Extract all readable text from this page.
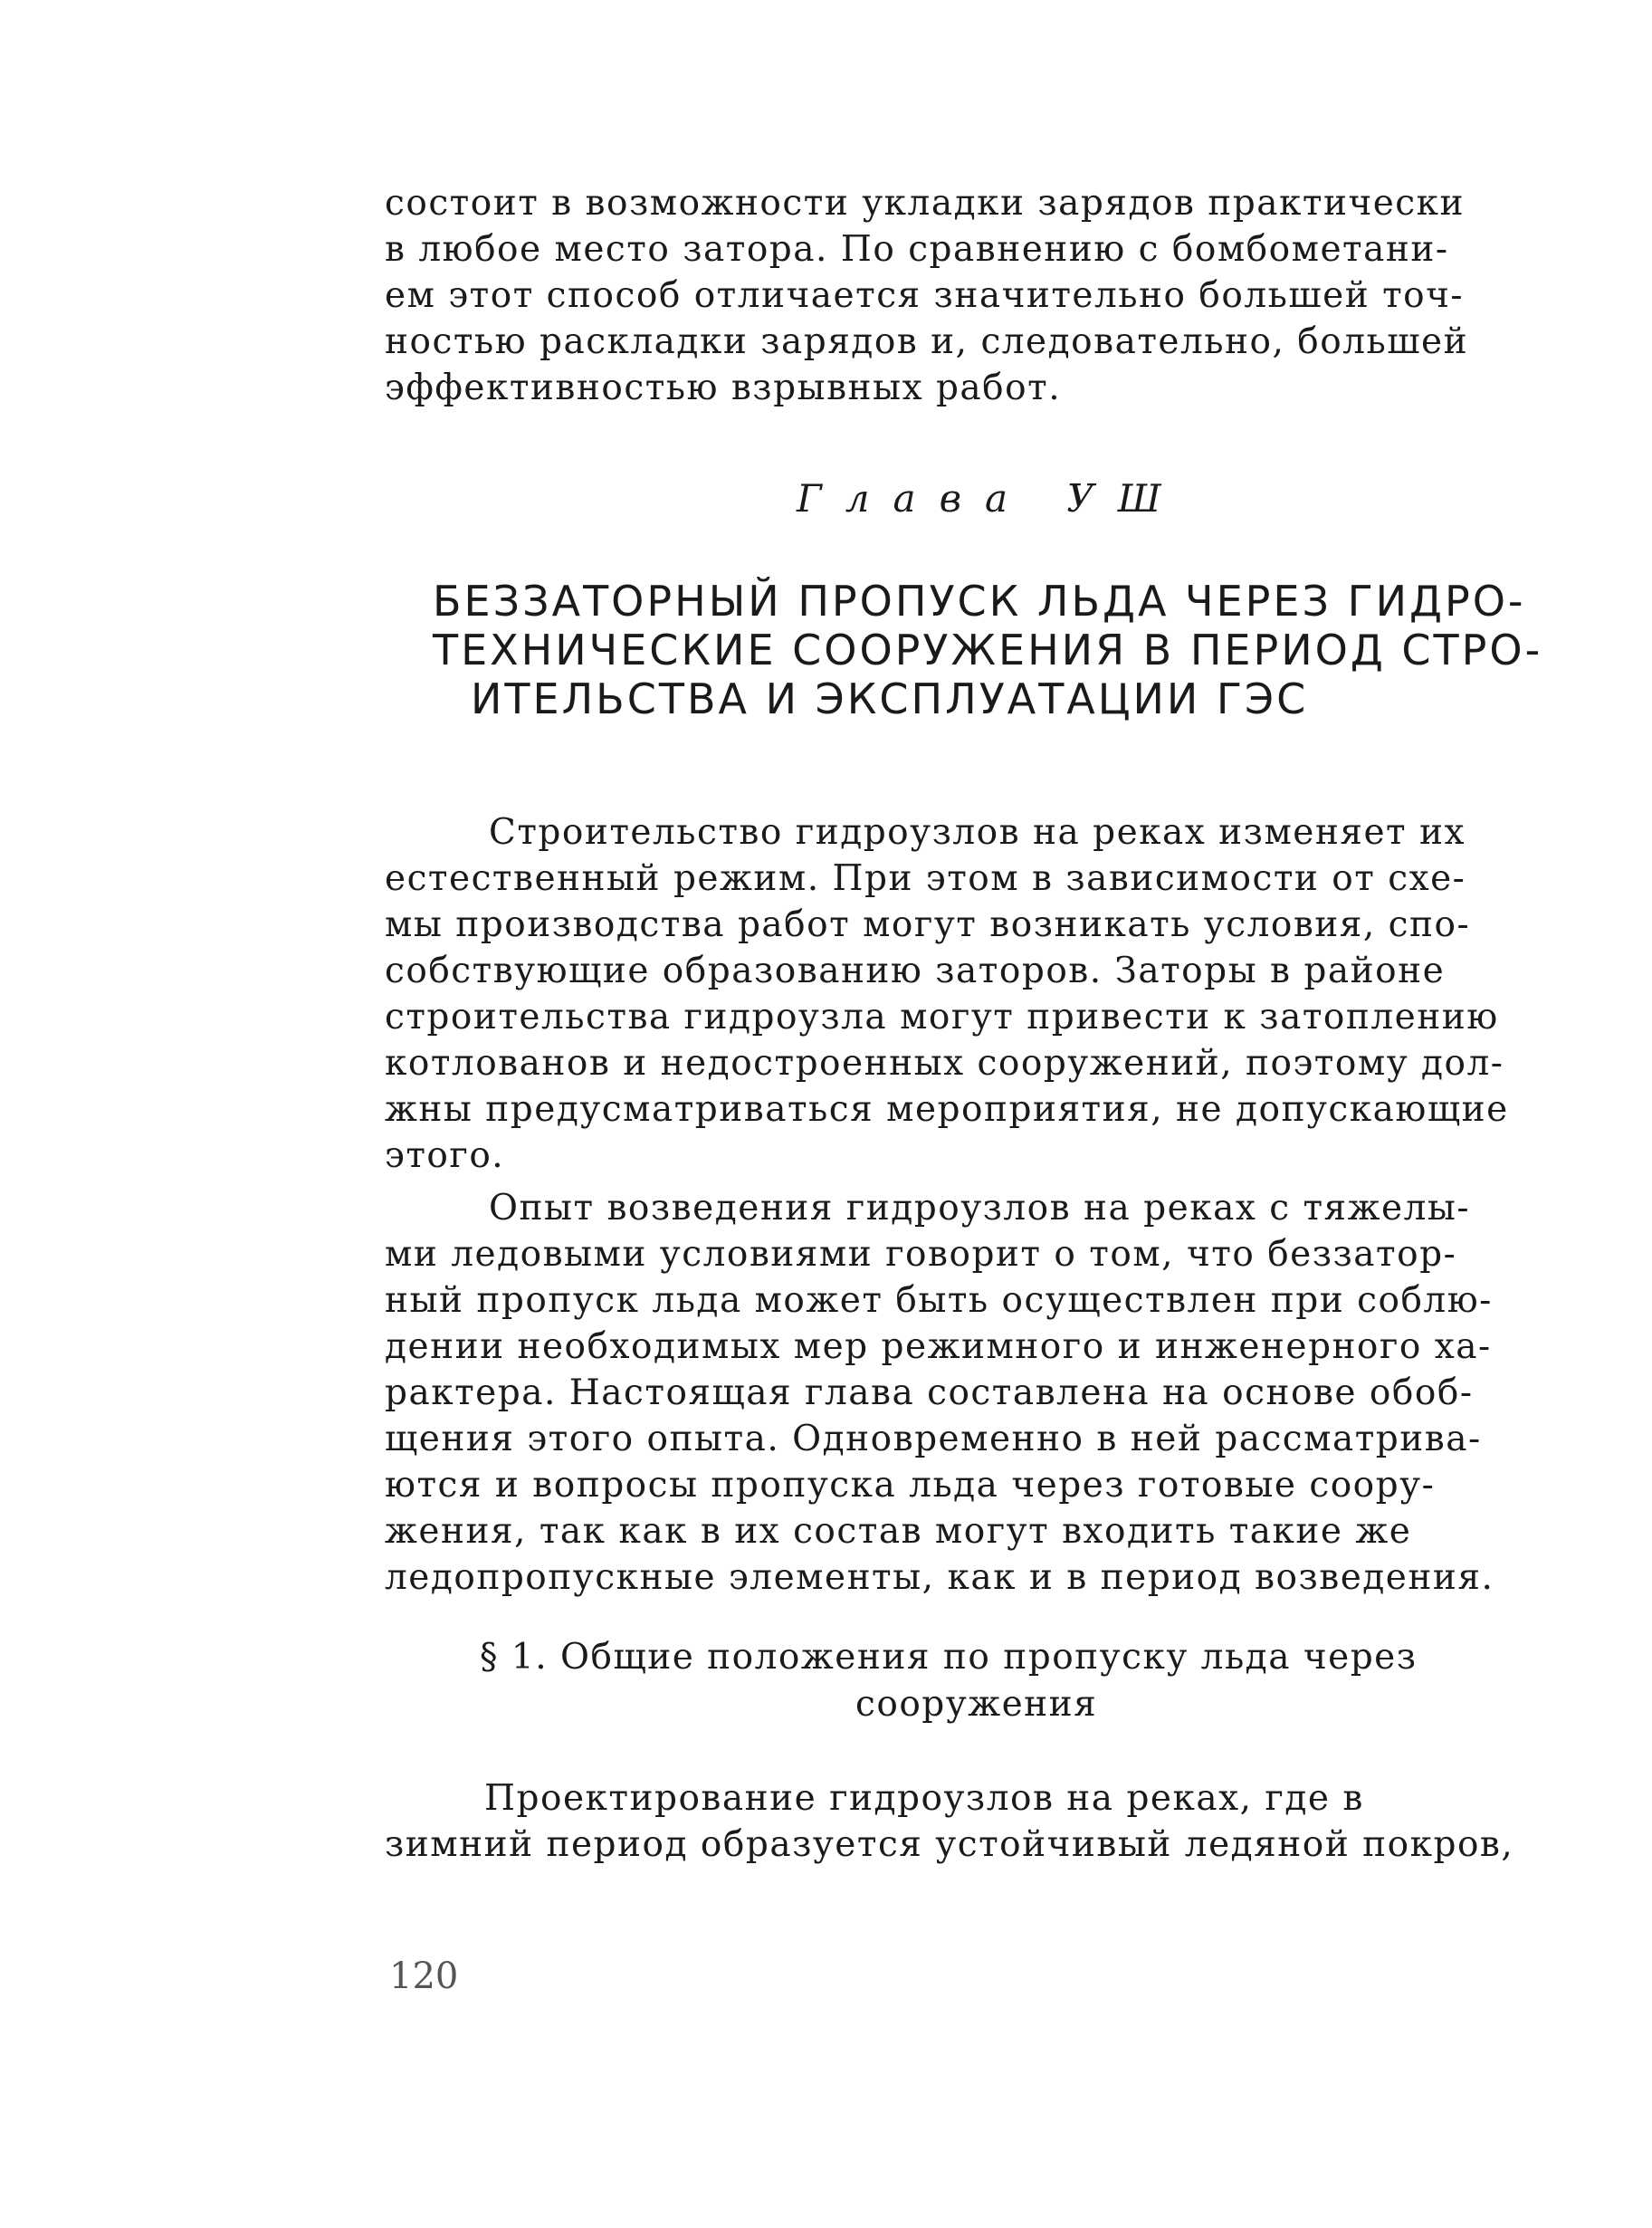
состоит в возможности укладки зарядов практически
в любое место затора. По сравнению с бомбометани-
ем этот способ отличается значительно большей точ-
ностью раскладки зарядов и, следовательно, большей
эффективностью взрывных работ.
Глава УШ
БЕЗЗАТОРНЫЙ ПРОПУСК ЛЬДА ЧЕРЕЗ ГИДРО-
ТЕХНИЧЕСКИЕ СООРУЖЕНИЯ В ПЕРИОД СТРО-
ИТЕЛЬСТВА И ЭКСПЛУАТАЦИИ ГЭС
Строительство гидроузлов на реках изменяет их
естественный режим. При этом в зависимости от схе-
мы производства работ могут возникать условия, спо-
собствующие образованию заторов. Заторы в районе
строительства гидроузла могут привести к затоплению
котлованов и недостроенных сооружений, поэтому дол-
жны предусматриваться мероприятия, не допускающие
этого.
Опыт возведения гидроузлов на реках с тяжелы-
ми ледовыми условиями говорит о том, что беззатор-
ный пропуск льда может быть осуществлен при соблю-
дении необходимых мер режимного и инженерного ха-
рактера. Настоящая глава составлена на основе обоб-
щения этого опыта. Одновременно в ней рассматрива-
ются и вопросы пропуска льда через готовые соору-
жения, так как в их состав могут входить такие же
ледопропускные элементы, как и в период возведения.
§ 1. Общие положения по пропуску льда через
сооружения
Проектирование гидроузлов на реках, где в
зимний период образуется устойчивый ледяной покров,
120
